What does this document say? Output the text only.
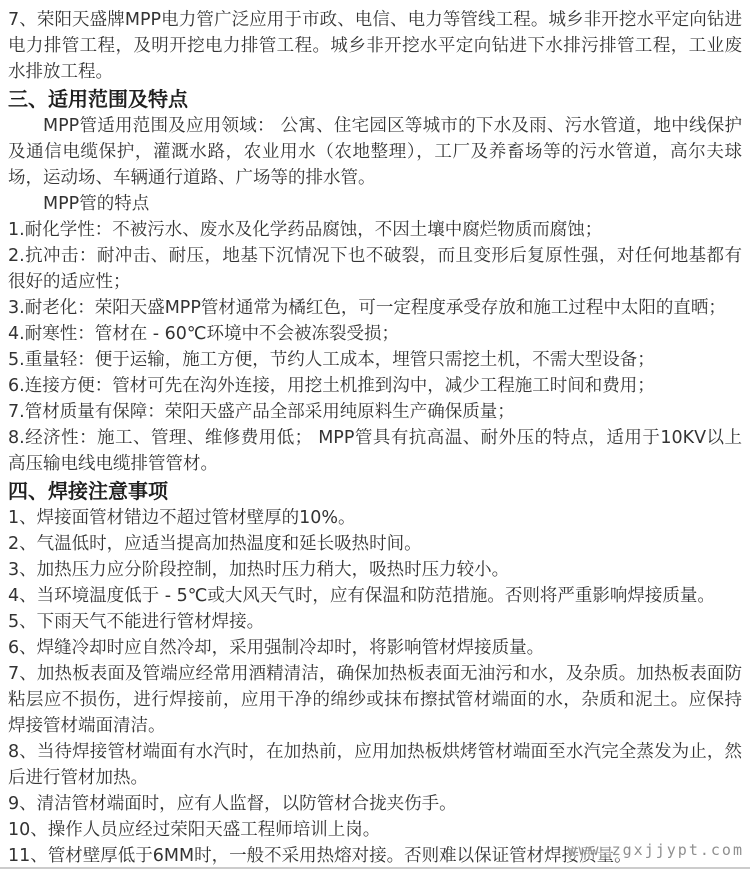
7、荣阳天盛牌MPP电力管广泛应用于市政、电信、电力等管线工程。城乡非开挖水平定向钻进电力排管工程，及明开挖电力排管工程。城乡非开挖水平定向钻进下水排污排管工程，工业废水排放工程。

三、适用范围及特点

MPP管适用范围及应用领域： 公寓、住宅园区等城市的下水及雨、污水管道，地中线保护及通信电缆保护，灌溉水路，农业用水（农地整理），工厂及养畜场等的污水管道，高尔夫球场，运动场、车辆通行道路、广场等的排水管。

MPP管的特点

1.耐化学性：不被污水、废水及化学药品腐蚀，不因土壤中腐烂物质而腐蚀；

2.抗冲击：耐冲击、耐压，地基下沉情况下也不破裂，而且变形后复原性强，对任何地基都有很好的适应性；

3.耐老化：荣阳天盛MPP管材通常为橘红色，可一定程度承受存放和施工过程中太阳的直晒；

4.耐寒性：管材在 - 60℃环境中不会被冻裂受损；

5.重量轻：便于运输，施工方便，节约人工成本，埋管只需挖土机，不需大型设备；

6.连接方便：管材可先在沟外连接，用挖土机推到沟中，减少工程施工时间和费用；

7.管材质量有保障：荣阳天盛产品全部采用纯原料生产确保质量；

8.经济性：施工、管理、维修费用低； MPP管具有抗高温、耐外压的特点，适用于10KV以上高压输电线电缆排管管材。

四、焊接注意事项

1、焊接面管材错边不超过管材壁厚的10%。

2、气温低时，应适当提高加热温度和延长吸热时间。

3、加热压力应分阶段控制，加热时压力稍大，吸热时压力较小。

4、当环境温度低于 - 5℃或大风天气时，应有保温和防范措施。否则将严重影响焊接质量。

5、下雨天气不能进行管材焊接。

6、焊缝冷却时应自然冷却，采用强制冷却时，将影响管材焊接质量。

7、加热板表面及管端应经常用酒精清洁，确保加热板表面无油污和水，及杂质。加热板表面防粘层应不损伤，进行焊接前，应用干净的绵纱或抹布擦拭管材端面的水，杂质和泥土。应保持焊接管材端面清洁。

8、当待焊接管材端面有水汽时，在加热前，应用加热板烘烤管材端面至水汽完全蒸发为止，然后进行管材加热。

9、清洁管材端面时，应有人监督，以防管材合拢夹伤手。

10、操作人员应经过荣阳天盛工程师培训上岗。

11、管材壁厚低于6MM时，一般不采用热熔对接。否则难以保证管材焊接质量。

www.zgxjjypt.com
